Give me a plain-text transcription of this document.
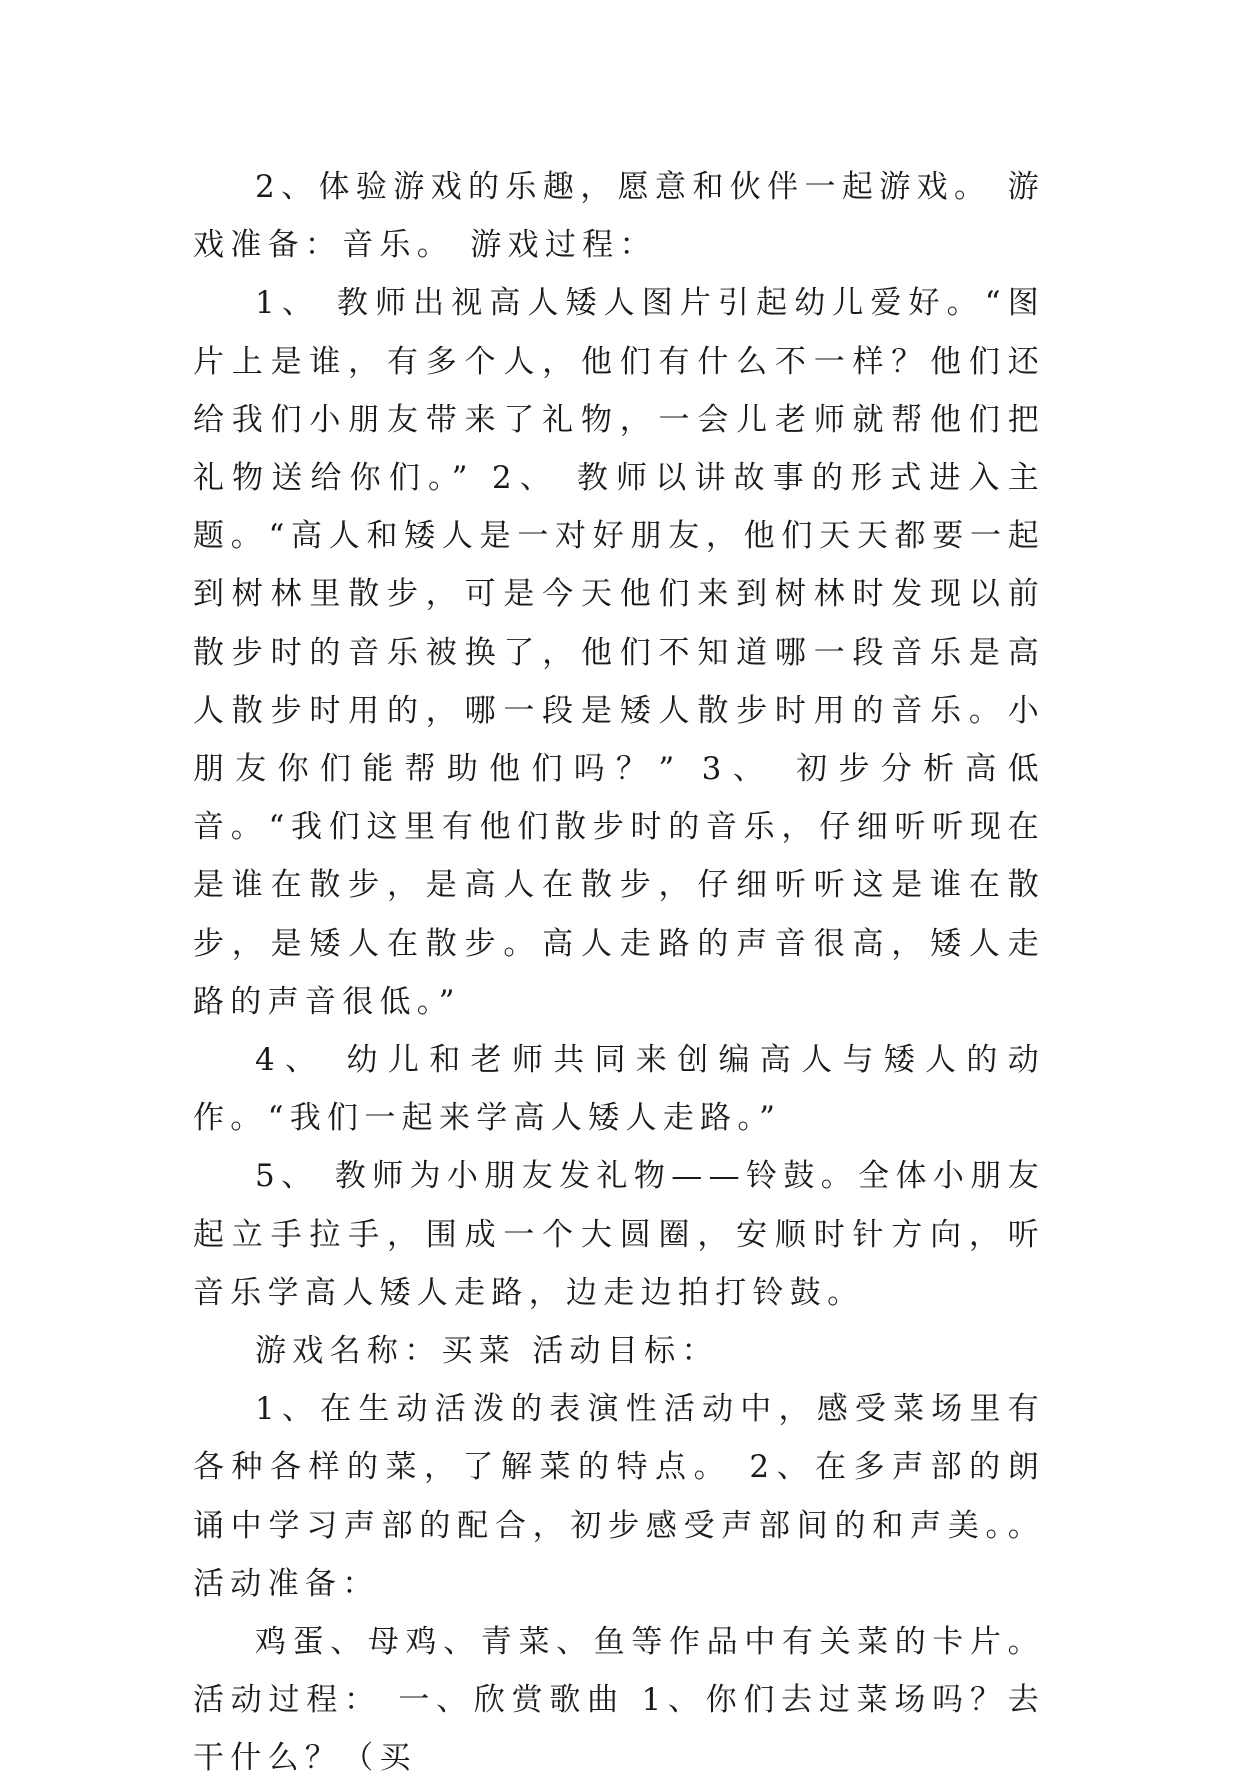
2、体验游戏的乐趣，愿意和伙伴一起游戏。 游戏准备：音乐。 游戏过程：

1、 教师出视高人矮人图片引起幼儿爱好。“图片上是谁，有多个人，他们有什么不一样？他们还给我们小朋友带来了礼物，一会儿老师就帮他们把礼物送给你们。” 2、 教师以讲故事的形式进入主题。“高人和矮人是一对好朋友，他们天天都要一起到树林里散步，可是今天他们来到树林时发现以前散步时的音乐被换了，他们不知道哪一段音乐是高人散步时用的，哪一段是矮人散步时用的音乐。小朋友你们能帮助他们吗？” 3、 初步分析高低音。“我们这里有他们散步时的音乐，仔细听听现在是谁在散步，是高人在散步，仔细听听这是谁在散步，是矮人在散步。高人走路的声音很高，矮人走路的声音很低。”

4、 幼儿和老师共同来创编高人与矮人的动作。“我们一起来学高人矮人走路。”

5、 教师为小朋友发礼物——铃鼓。全体小朋友起立手拉手，围成一个大圆圈，安顺时针方向，听音乐学高人矮人走路，边走边拍打铃鼓。

游戏名称：买菜 活动目标：

1、在生动活泼的表演性活动中，感受菜场里有各种各样的菜，了解菜的特点。 2、在多声部的朗诵中学习声部的配合，初步感受声部间的和声美。。 活动准备：

鸡蛋、母鸡、青菜、鱼等作品中有关菜的卡片。 活动过程： 一、欣赏歌曲 1、你们去过菜场吗？去干什么？（买
